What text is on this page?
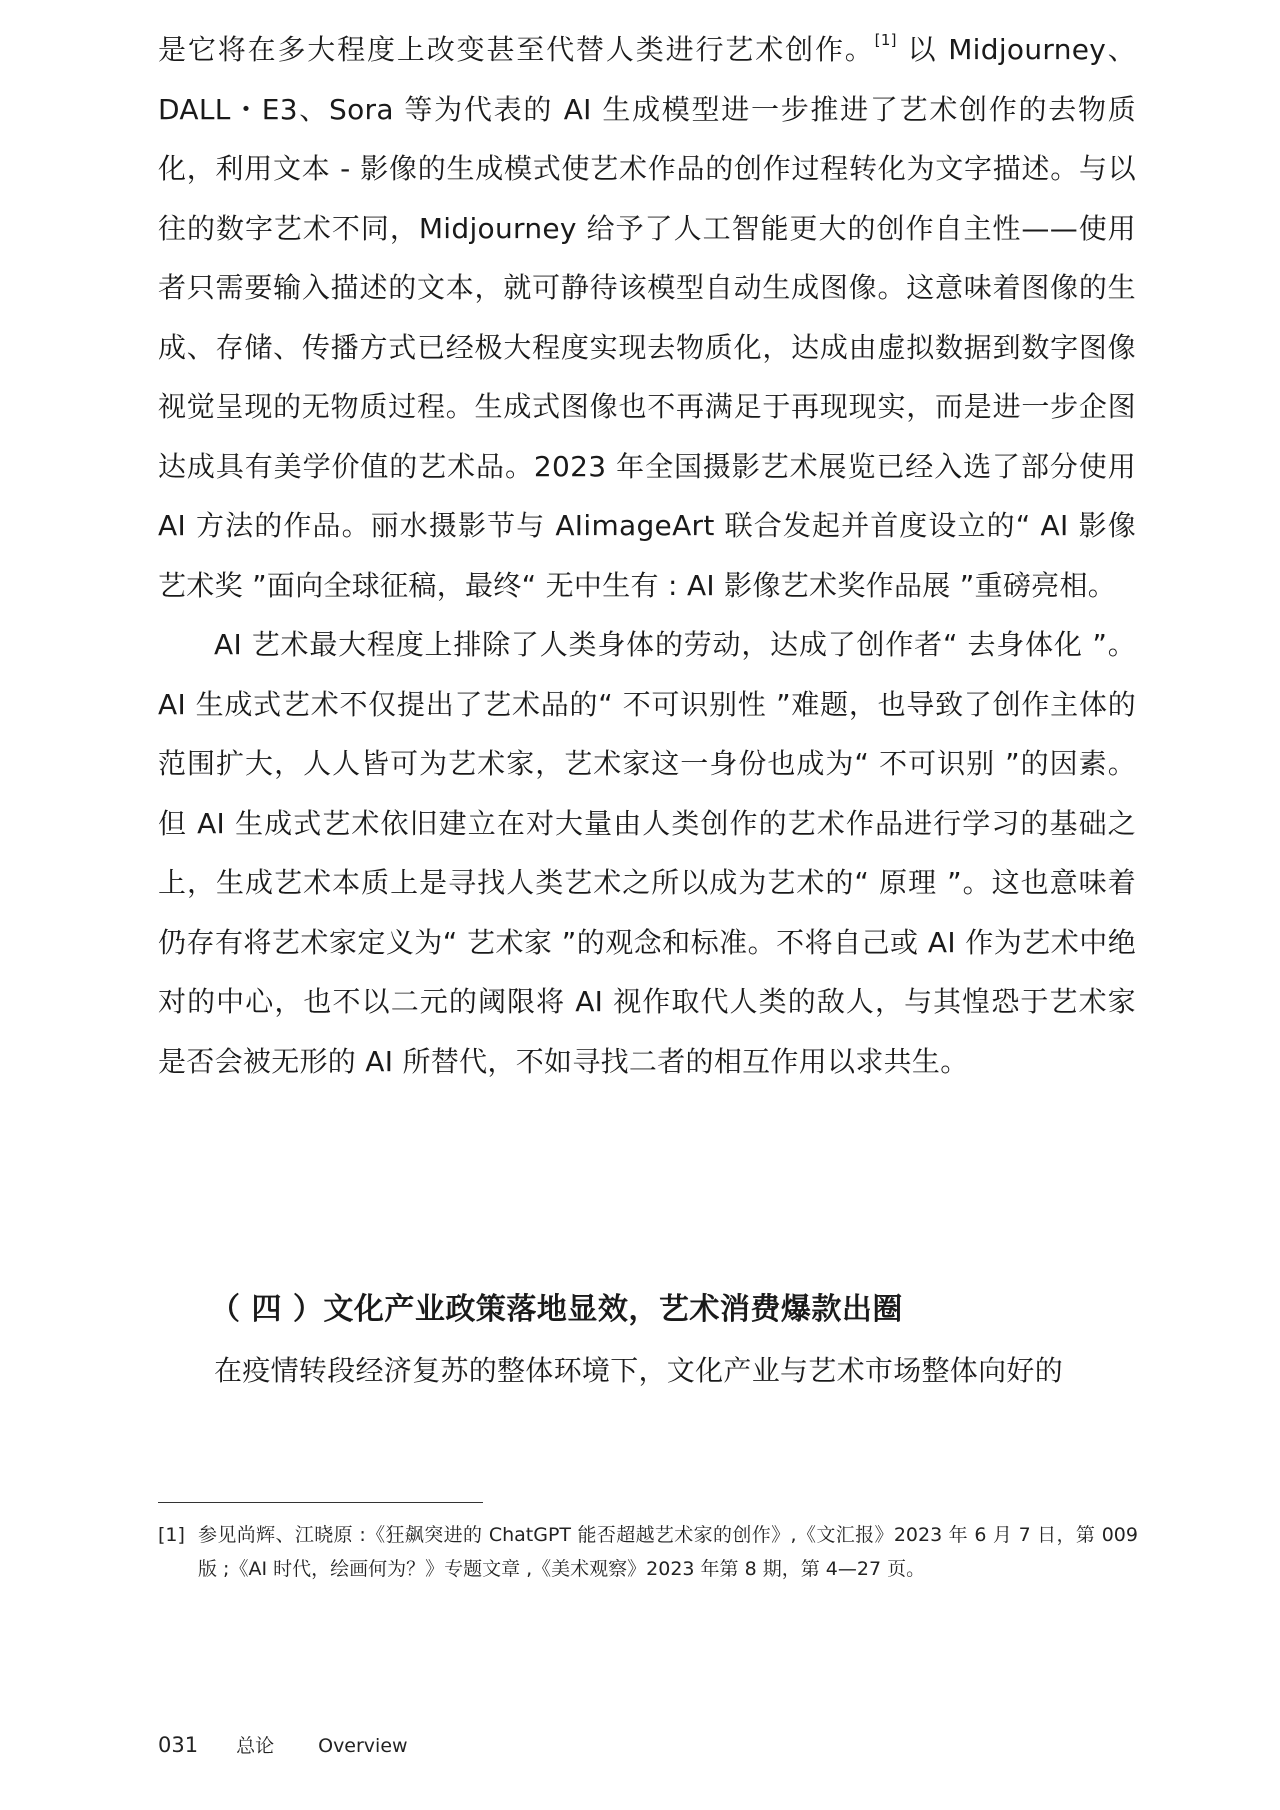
是它将在多大程度上改变甚至代替人类进行艺术创作。[1] 以 Midjourney、DALL・E3、Sora 等为代表的 AI 生成模型进一步推进了艺术创作的去物质化，利用文本 - 影像的生成模式使艺术作品的创作过程转化为文字描述。与以往的数字艺术不同，Midjourney 给予了人工智能更大的创作自主性——使用者只需要输入描述的文本，就可静待该模型自动生成图像。这意味着图像的生成、存储、传播方式已经极大程度实现去物质化，达成由虚拟数据到数字图像视觉呈现的无物质过程。生成式图像也不再满足于再现现实，而是进一步企图达成具有美学价值的艺术品。2023 年全国摄影艺术展览已经入选了部分使用 AI 方法的作品。丽水摄影节与 AIimageArt 联合发起并首度设立的“ AI 影像艺术奖 ”面向全球征稿，最终“ 无中生有 : AI 影像艺术奖作品展 ”重磅亮相。

AI 艺术最大程度上排除了人类身体的劳动，达成了创作者“ 去身体化 ”。AI 生成式艺术不仅提出了艺术品的“ 不可识别性 ”难题，也导致了创作主体的范围扩大，人人皆可为艺术家，艺术家这一身份也成为“ 不可识别 ”的因素。但 AI 生成式艺术依旧建立在对大量由人类创作的艺术作品进行学习的基础之上，生成艺术本质上是寻找人类艺术之所以成为艺术的“ 原理 ”。这也意味着仍存有将艺术家定义为“ 艺术家 ”的观念和标准。不将自己或 AI 作为艺术中绝对的中心，也不以二元的阈限将 AI 视作取代人类的敌人，与其惶恐于艺术家是否会被无形的 AI 所替代，不如寻找二者的相互作用以求共生。

（ 四 ）文化产业政策落地显效，艺术消费爆款出圈
在疫情转段经济复苏的整体环境下，文化产业与艺术市场整体向好的
[1] 参见尚辉、江晓原 :《狂飙突进的 ChatGPT 能否超越艺术家的创作》,《文汇报》2023 年 6 月 7 日，第 009 版 ;《AI 时代，绘画何为？》专题文章 ,《美术观察》2023 年第 8 期，第 4—27 页。
031 总论 Overview
